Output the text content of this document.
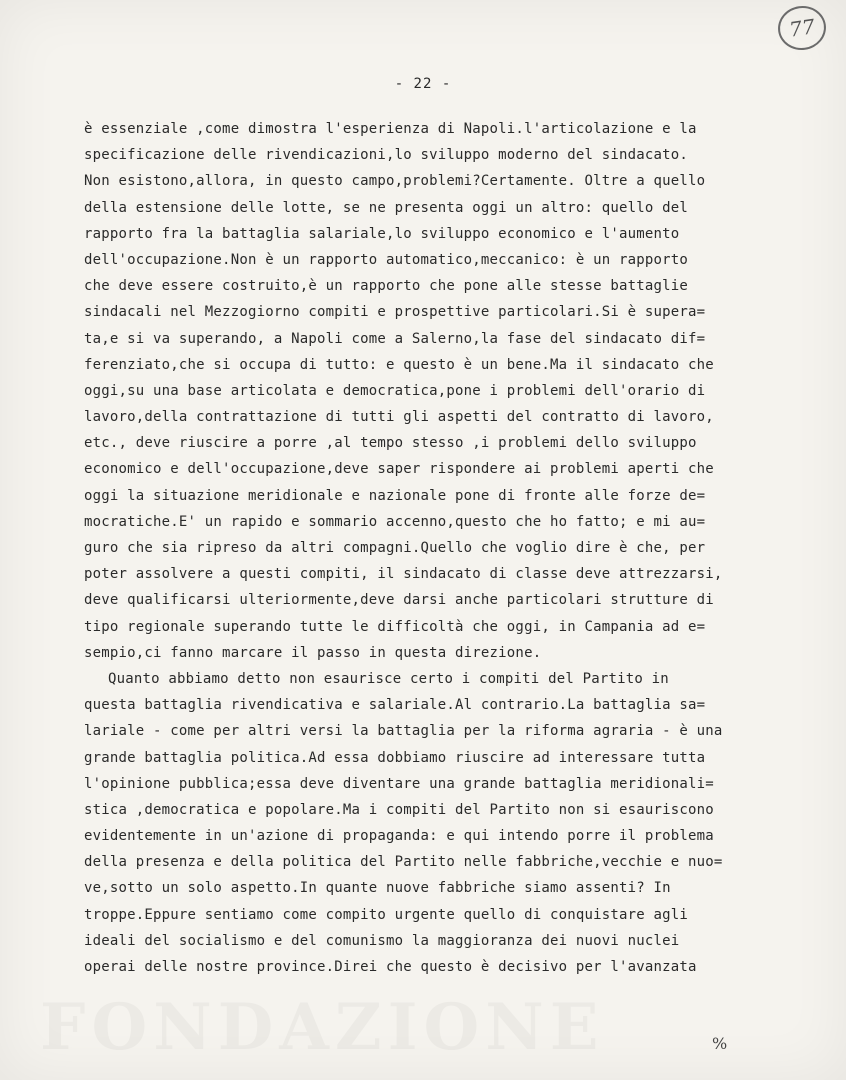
77
- 22 -
è essenziale ,come dimostra l'esperienza di Napoli.l'articolazione e la
specificazione delle rivendicazioni,lo sviluppo moderno del sindacato.
Non esistono,allora, in questo campo,problemi?Certamente. Oltre a quello
della estensione delle lotte, se ne presenta oggi un altro: quello del
rapporto fra la battaglia salariale,lo sviluppo economico e l'aumento
dell'occupazione.Non è un rapporto automatico,meccanico: è un rapporto
che deve essere costruito,è un rapporto che pone alle stesse battaglie
sindacali nel Mezzogiorno compiti e prospettive particolari.Si è supera=
ta,e si va superando, a Napoli come a Salerno,la fase del sindacato dif=
ferenziato,che si occupa di tutto: e questo è un bene.Ma il sindacato che
oggi,su una base articolata e democratica,pone i problemi dell'orario di
lavoro,della contrattazione di tutti gli aspetti del contratto di lavoro,
etc., deve riuscire a porre ,al tempo stesso ,i problemi dello sviluppo
economico e dell'occupazione,deve saper rispondere ai problemi aperti che
oggi la situazione meridionale e nazionale pone di fronte alle forze de=
mocratiche.E' un rapido e sommario accenno,questo che ho fatto; e mi au=
guro che sia ripreso da altri compagni.Quello che voglio dire è che, per
poter assolvere a questi compiti, il sindacato di classe deve attrezzarsi,
deve qualificarsi ulteriormente,deve darsi anche particolari strutture di
tipo regionale superando tutte le difficoltà che oggi, in Campania ad e=
sempio,ci fanno marcare il passo in questa direzione.
Quanto abbiamo detto non esaurisce certo i compiti del Partito in
questa battaglia rivendicativa e salariale.Al contrario.La battaglia sa=
lariale - come per altri versi la battaglia per la riforma agraria - è una
grande battaglia politica.Ad essa dobbiamo riuscire ad interessare tutta
l'opinione pubblica;essa deve diventare una grande battaglia meridionali=
stica ,democratica e popolare.Ma i compiti del Partito non si esauriscono
evidentemente in un'azione di propaganda: e qui intendo porre il problema
della presenza e della politica del Partito nelle fabbriche,vecchie e nuo=
ve,sotto un solo aspetto.In quante nuove fabbriche siamo assenti? In
troppe.Eppure sentiamo come compito urgente quello di conquistare agli
ideali del socialismo e del comunismo la maggioranza dei nuovi nuclei
operai delle nostre province.Direi che questo è decisivo per l'avanzata
%
